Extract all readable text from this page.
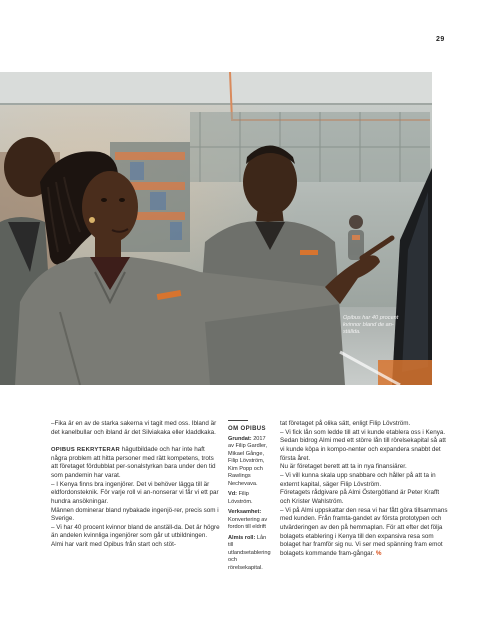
29
Opibus har 40 procent kvinnor bland de an-ställda.

–Fika är en av de starka sakerna vi tagit med oss. Ibland är det kanelbullar och ibland är det Silviakaka eller kladdkaka.

OPIBUS REKRYTERAR hägutbildade och har inte haft några problem att hitta personer med rätt kompetens, trots att företaget fördubblat per-sonalstyrkan bara under den tid som pandemin har varat.

– I Kenya finns bra ingenjörer. Det vi behöver lägga till är eldfordonsteknik. För varje roll vi an-nonserar vi får vi ett par hundra ansökningar.

Männen dominerar bland nybakade ingenjö-rer, precis som i Sverige.

– Vi har 40 procent kvinnor bland de anställ-da. Det är högre än andelen kvinnliga ingenjörer som går ut utbildningen.

Almi har varit med Opibus från start och stöt-

OM OPIBUS
Grundat: 2017 av Filip Gardler, Mikael Gånge, Filip Lövström, Kim Popp och Rawlings Nechevava.
Vd: Filip Lövström.
Verksamhet:
Konvertering av fordon till eldrift
Almis roll: Lån till utlandsetablering och rörelsekapital.

tat företaget på olika sätt, enligt Filip Lövström.

– Vi fick lån som ledde till att vi kunde etablera oss i Kenya. Sedan bidrog Almi med ett större lån till rörelsekapital så att vi kunde köpa in kompo-nenter och expandera snabbt det första året.

Nu är företaget berett att ta in nya finansiärer.

– Vi vill kunna skala upp snabbare och håller på att ta in externt kapital, säger Filip Lövström.

Företagets rådgivare på Almi Östergötland är Peter Krafft och Krister Wahlström.

– Vi på Almi uppskattar den resa vi har fått göra tillsammans med kunden. Från framta-gandet av första prototypen och utvärderingen av den på hemmaplan. För att efter det följa bolagets etablering i Kenya till den expansiva resa som bolaget har framför sig nu. Vi ser med spänning fram emot bolagets kommande fram-gångar. %
